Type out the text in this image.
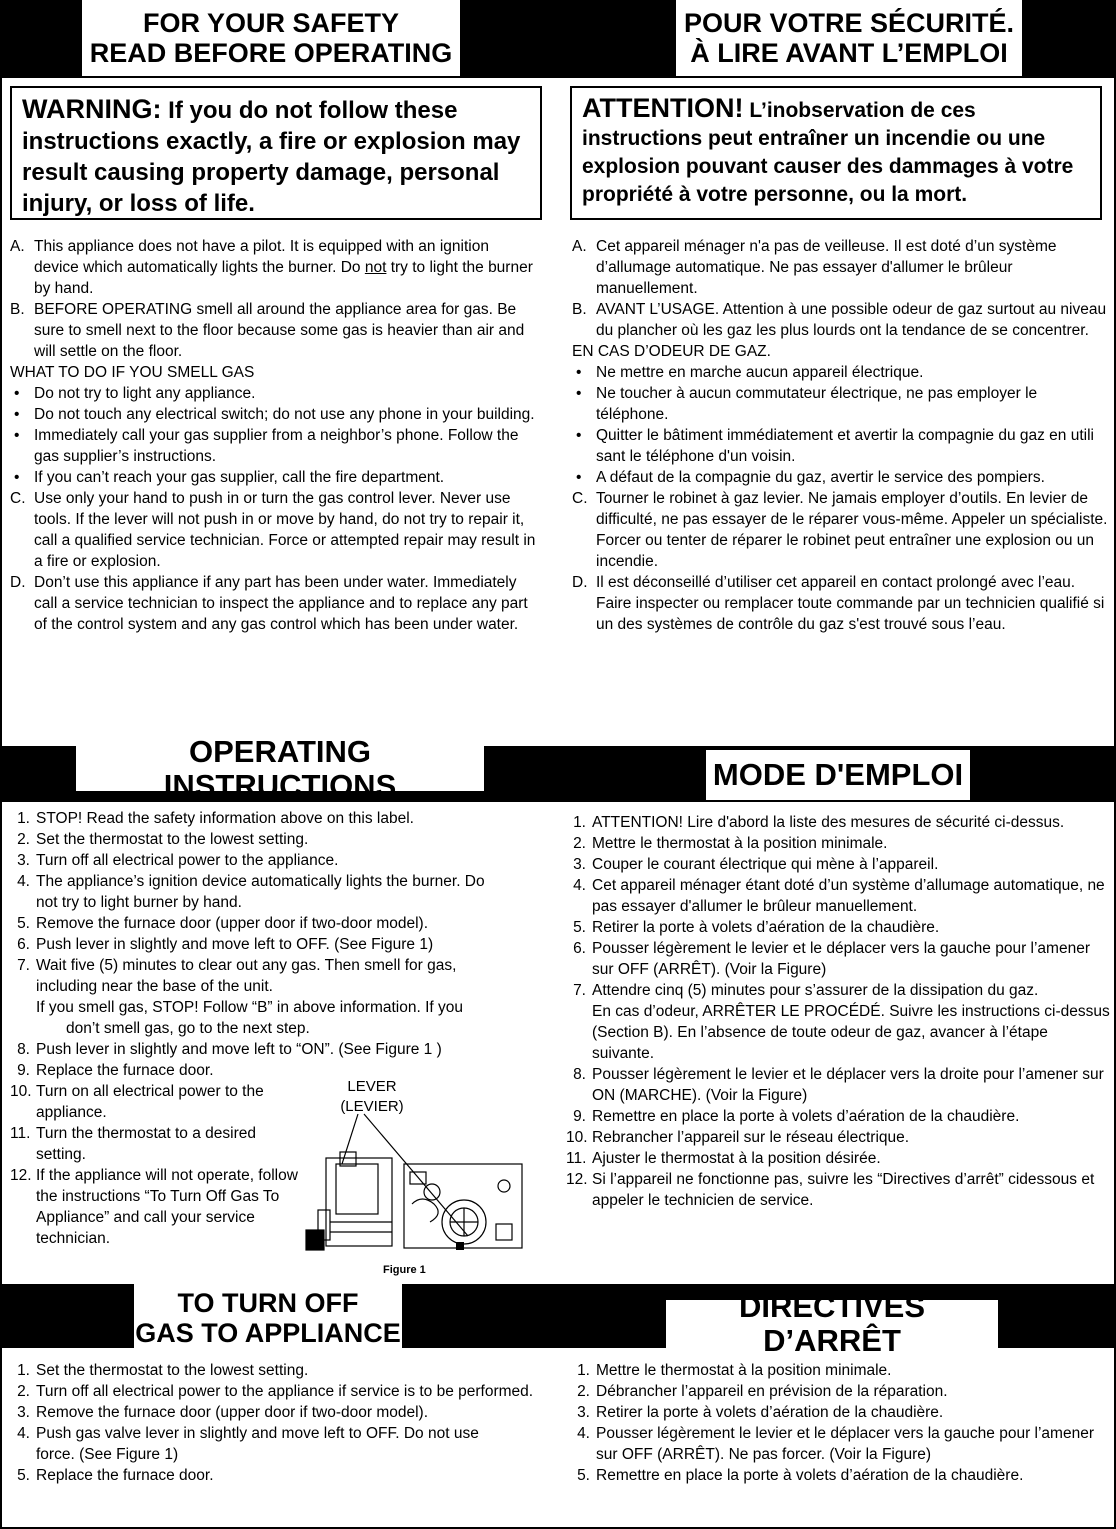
FOR YOUR SAFETY
READ BEFORE OPERATING
POUR VOTRE SÉCURITÉ.
À LIRE AVANT L’EMPLOI
WARNING: If you do not follow these instructions exactly, a fire or explosion may result causing property damage, personal injury, or loss of life.
ATTENTION! L’inobservation de ces instructions peut entraîner un incendie ou une explosion pouvant causer des dammages à votre propriété à votre personne, ou la mort.
A. This appliance does not have a pilot. It is equipped with an ignition device which automatically lights the burner. Do not try to light the burner by hand.
B. BEFORE OPERATING smell all around the appliance area for gas. Be sure to smell next to the floor because some gas is heavier than air and will settle on the floor.

WHAT TO DO IF YOU SMELL GAS

• Do not try to light any appliance.
• Do not touch any electrical switch; do not use any phone in your building.
• Immediately call your gas supplier from a neighbor’s phone. Follow the gas supplier’s instructions.
• If you can’t reach your gas supplier, call the fire department.
C. Use only your hand to push in or turn the gas control lever. Never use tools. If the lever will not push in or move by hand, do not try to repair it, call a qualified service technician. Force or attempted repair may result in a fire or explosion.
D. Don’t use this appliance if any part has been under water. Immediately call a service technician to inspect the appliance and to replace any part of the control system and any gas control which has been under water.
A. Cet appareil ménager n'a pas de veilleuse. Il est doté d’un système d’allumage automatique. Ne pas essayer d'allumer le brûleur manuellement.
B. AVANT L’USAGE. Attention à une possible odeur de gaz surtout au niveau du plancher où les gaz les plus lourds ont la tendance de se concentrer.

EN CAS D’ODEUR DE GAZ.

• Ne mettre en marche aucun appareil électrique.
• Ne toucher à aucun commutateur électrique, ne pas employer le téléphone.
• Quitter le bâtiment immédiatement et avertir la compagnie du gaz en utili sant le téléphone d'un voisin.
• A défaut de la compagnie du gaz, avertir le service des pompiers.
C. Tourner le robinet à gaz levier. Ne jamais employer d’outils. En levier de difficulté, ne pas essayer de le réparer vous-même. Appeler un spécialiste. Forcer ou tenter de réparer le robinet peut entraîner une explosion ou un incendie.
D. Il est déconseillé d’utiliser cet appareil en contact prolongé avec l’eau. Faire inspecter ou remplacer toute commande par un technicien qualifié si un des systèmes de contrôle du gaz s'est trouvé sous l’eau.
OPERATING INSTRUCTIONS	MODE D'EMPLOI
1. STOP! Read the safety information above on this label.
2. Set the thermostat to the lowest setting.
3. Turn off all electrical power to the appliance.
4. The appliance’s ignition device automatically lights the burner. Do not try to light burner by hand.
5. Remove the furnace door (upper door if two-door model).
6. Push lever in slightly and move left to OFF. (See Figure 1)
7. Wait five (5) minutes to clear out any gas. Then smell for gas, including near the base of the unit.
If you smell gas, STOP! Follow “B” in above information. If you
don’t smell gas, go to the next step.
8. Push lever in slightly and move left to “ON”. (See Figure 1 )
9. Replace the furnace door.
10. Turn on all electrical power to the appliance.
11. Turn the thermostat to a desired setting.
12. If the appliance will not operate, follow the instructions “To Turn Off Gas To Appliance” and call your service technician.
LEVER
(LEVIER)
Figure 1
1. ATTENTION! Lire d'abord la liste des mesures de sécurité ci-dessus.
2. Mettre le thermostat à la position minimale.
3. Couper le courant électrique qui mène à l’appareil.
4. Cet appareil ménager étant doté d’un système d’allumage automatique, ne pas essayer d'allumer le brûleur manuellement.
5. Retirer la porte à volets d’aération de la chaudière.
6. Pousser légèrement le levier et le déplacer vers la gauche pour l’amener sur OFF (ARRÊT). (Voir la Figure)
7. Attendre cinq (5) minutes pour s’assurer de la dissipation du gaz.
En cas d’odeur, ARRÊTER LE PROCÉDÉ. Suivre les instructions ci-dessus (Section B). En l’absence de toute odeur de gaz, avancer à l’étape suivante.
8. Pousser légèrement le levier et le déplacer vers la droite pour l’amener sur ON (MARCHE). (Voir la Figure)
9. Remettre en place la porte à volets d’aération de la chaudière.
10. Rebrancher l’appareil sur le réseau électrique.
11. Ajuster le thermostat à la position désirée.
12. Si l’appareil ne fonctionne pas, suivre les “Directives d’arrêt” cidessous et appeler le technicien de service.
TO TURN OFF
GAS TO APPLIANCE
DIRECTIVES D’ARRÊT
1. Set the thermostat to the lowest setting.
2. Turn off all electrical power to the appliance if service is to be performed.
3. Remove the furnace door (upper door if two-door model).
4. Push gas valve lever in slightly and move left to OFF. Do not use force. (See Figure 1)
5. Replace the furnace door.
1. Mettre le thermostat à la position minimale.
2. Débrancher l’appareil en prévision de la réparation.
3. Retirer la porte à volets d’aération de la chaudière.
4. Pousser légèrement le levier et le déplacer vers la gauche pour l’amener sur OFF (ARRÊT). Ne pas forcer. (Voir la Figure)
5. Remettre en place la porte à volets d’aération de la chaudière.
